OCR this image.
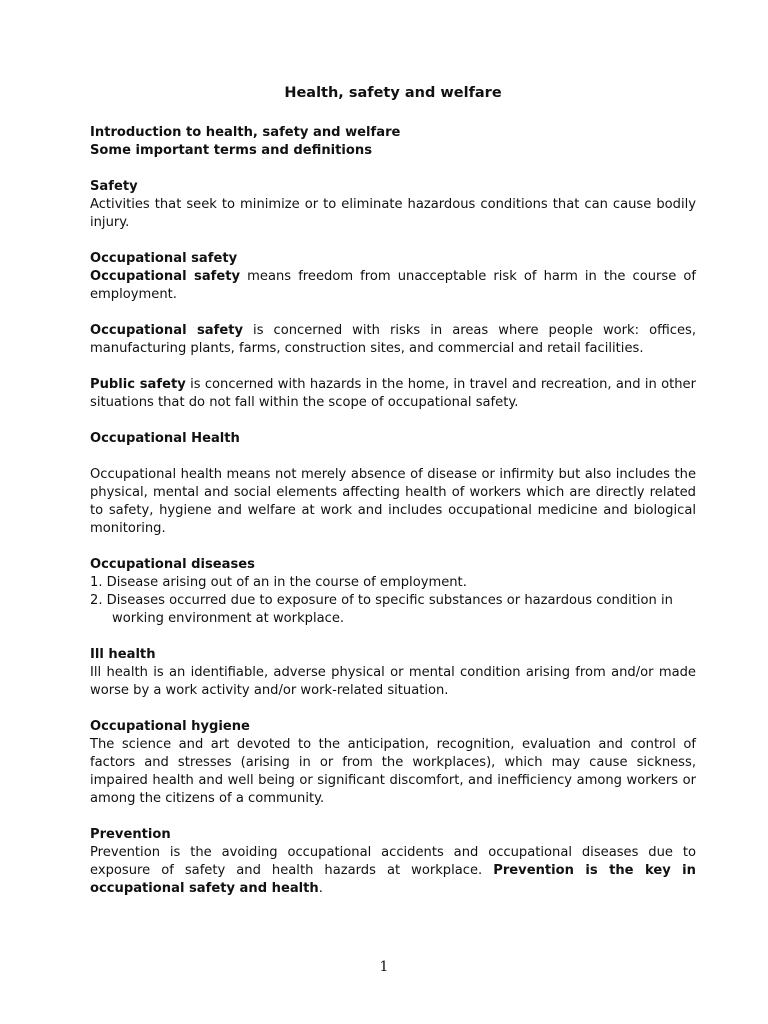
Health, safety and welfare
Introduction to health, safety and welfare
Some important terms and definitions
Safety
Activities that seek to minimize or to eliminate hazardous conditions that can cause bodily injury.
Occupational safety
Occupational safety means freedom from unacceptable risk of harm in the course of employment.
Occupational safety is concerned with risks in areas where people work: offices, manufacturing plants, farms, construction sites, and commercial and retail facilities.
Public safety is concerned with hazards in the home, in travel and recreation, and in other situations that do not fall within the scope of occupational safety.
Occupational Health
Occupational health means not merely absence of disease or infirmity but also includes the physical, mental and social elements affecting health of workers which are directly related to safety, hygiene and welfare at work and includes occupational medicine and biological monitoring.
Occupational diseases
1. Disease arising out of an in the course of employment.
2. Diseases occurred due to exposure of to specific substances or hazardous condition in working environment at workplace.
Ill health
Ill health is an identifiable, adverse physical or mental condition arising from and/or made worse by a work activity and/or work-related situation.
Occupational hygiene
The science and art devoted to the anticipation, recognition, evaluation and control of factors and stresses (arising in or from the workplaces), which may cause sickness, impaired health and well being or significant discomfort, and inefficiency among workers or among the citizens of a community.
Prevention
Prevention is the avoiding occupational accidents and occupational diseases due to exposure of safety and health hazards at workplace. Prevention is the key in occupational safety and health.
1
